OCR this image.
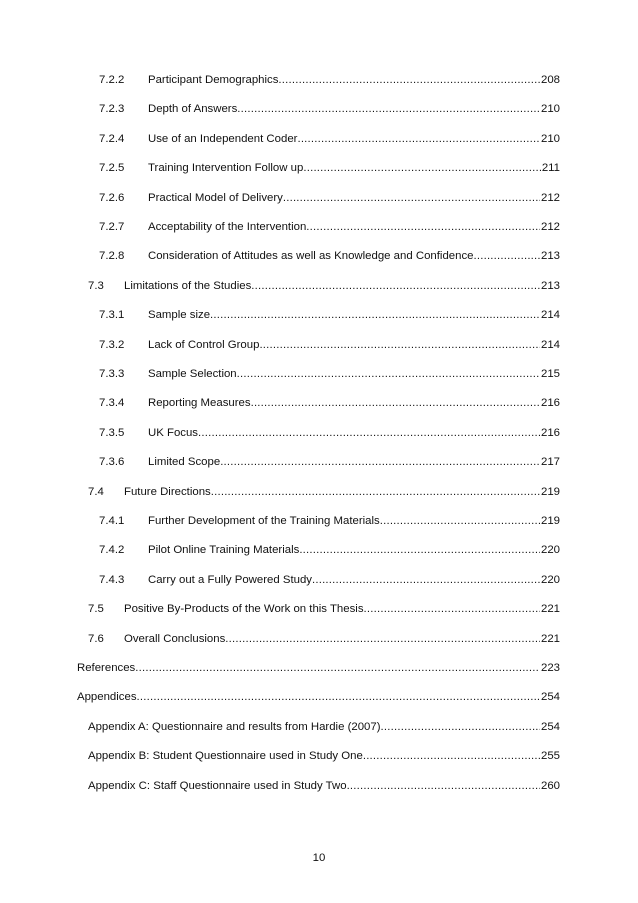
7.2.2	Participant Demographics .....	208
7.2.3	Depth of Answers .....	210
7.2.4	Use of an Independent Coder .....	210
7.2.5	Training Intervention Follow up .....	211
7.2.6	Practical Model of Delivery .....	212
7.2.7	Acceptability of the Intervention .....	212
7.2.8	Consideration of Attitudes as well as Knowledge and Confidence .....	213
7.3	Limitations of the Studies .....	213
7.3.1	Sample size .....	214
7.3.2	Lack of Control Group .....	214
7.3.3	Sample Selection .....	215
7.3.4	Reporting Measures .....	216
7.3.5	UK Focus .....	216
7.3.6	Limited Scope .....	217
7.4	Future Directions .....	219
7.4.1	Further Development of the Training Materials .....	219
7.4.2	Pilot Online Training Materials .....	220
7.4.3	Carry out a Fully Powered Study .....	220
7.5	Positive By-Products of the Work on this Thesis .....	221
7.6	Overall Conclusions .....	221
References .....	223
Appendices .....	254
Appendix A: Questionnaire and results from Hardie (2007) .....	254
Appendix B: Student Questionnaire used in Study One .....	255
Appendix C: Staff Questionnaire used in Study Two .....	260
10
